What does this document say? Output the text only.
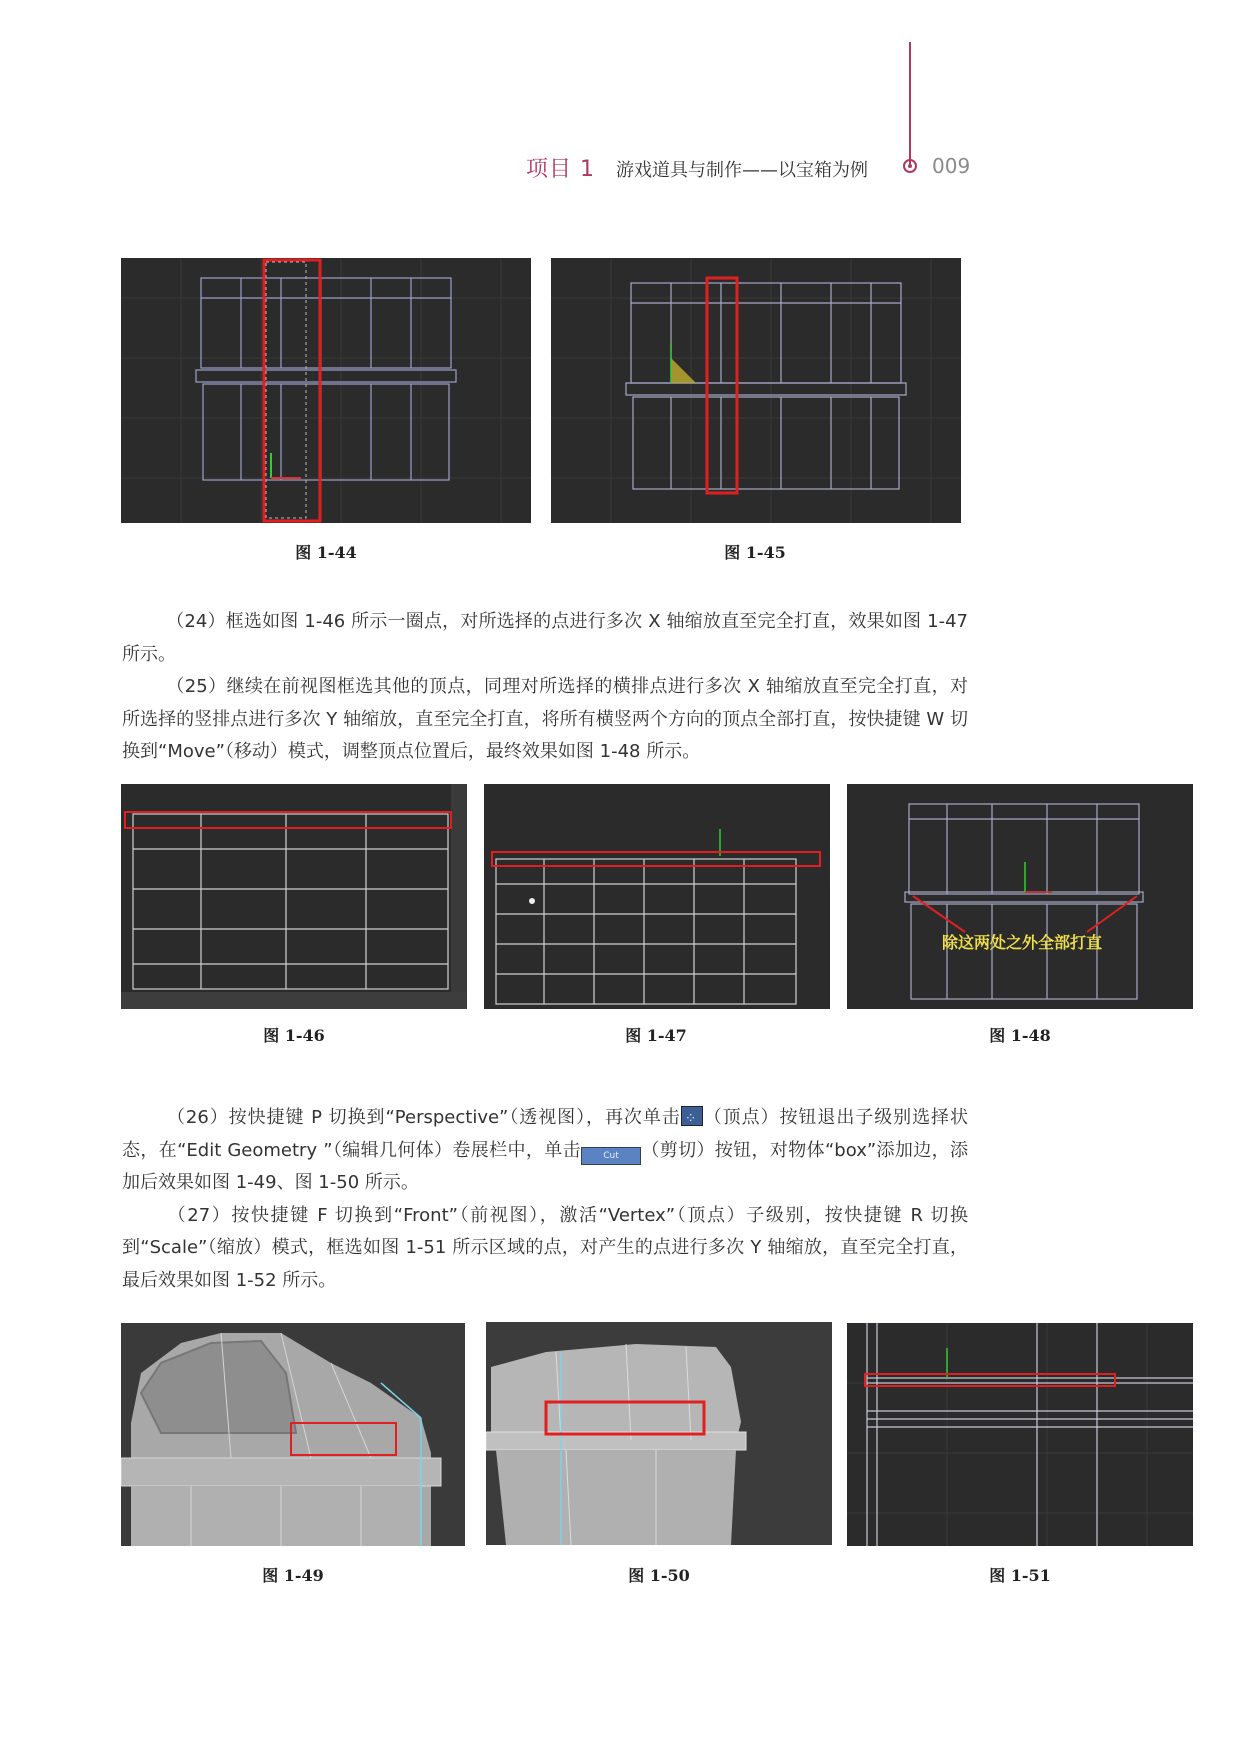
项目 1 游戏道具与制作——以宝箱为例	009
图 1-44	图 1-45

（24）框选如图 1-46 所示一圈点，对所选择的点进行多次 X 轴缩放直至完全打直，效果如图 1-47 所示。

（25）继续在前视图框选其他的顶点，同理对所选择的横排点进行多次 X 轴缩放直至完全打直，对所选择的竖排点进行多次 Y 轴缩放，直至完全打直，将所有横竖两个方向的顶点全部打直，按快捷键 W 切换到“Move”（移动）模式，调整顶点位置后，最终效果如图 1-48 所示。

图 1-46	图 1-47
除这两处之外全部打直
图 1-48

（26）按快捷键 P 切换到“Perspective”（透视图），再次单击⁘ （顶点）按钮退出子级别选择状态，在“Edit Geometry ”（编辑几何体）卷展栏中，单击 Cut （剪切）按钮，对物体“box”添加边，添加后效果如图 1-49、图 1-50 所示。

（27）按快捷键 F 切换到“Front”（前视图），激活“Vertex”（顶点）子级别，按快捷键 R 切换到“Scale”（缩放）模式，框选如图 1-51 所示区域的点，对产生的点进行多次 Y 轴缩放，直至完全打直，最后效果如图 1-52 所示。

图 1-49	图 1-50	图 1-51
